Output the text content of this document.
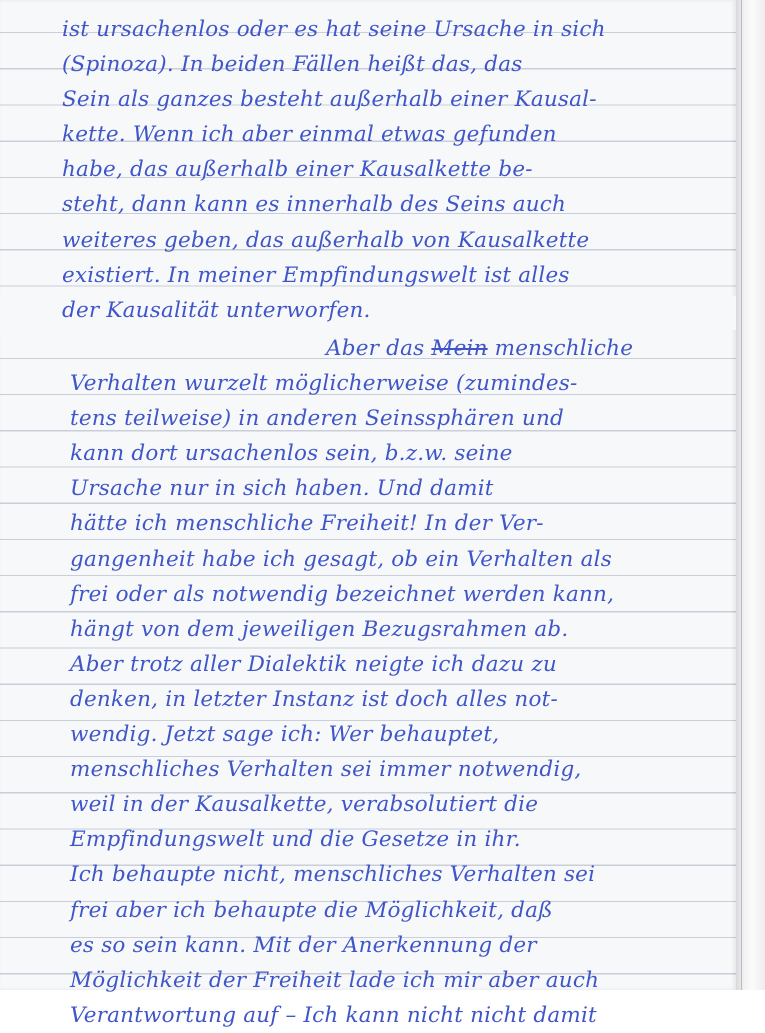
ist ursachenlos oder es hat seine Ursache in sich
(Spinoza). In beiden Fällen heißt das, das
Sein als ganzes besteht außerhalb einer Kausal-
kette. Wenn ich aber einmal etwas gefunden
habe, das außerhalb einer Kausalkette be-
steht, dann kann es innerhalb des Seins auch
weiteres geben, das außerhalb von Kausalkette
existiert. In meiner Empfindungswelt ist alles
der Kausalität unterworfen.
Aber das Mein menschliche
Verhalten wurzelt möglicherweise (zumindes-
tens teilweise) in anderen Seinssphären und
kann dort ursachenlos sein, b.z.w. seine
Ursache nur in sich haben. Und damit
hätte ich menschliche Freiheit! In der Ver-
gangenheit habe ich gesagt, ob ein Verhalten als
frei oder als notwendig bezeichnet werden kann,
hängt von dem jeweiligen Bezugsrahmen ab.
Aber trotz aller Dialektik neigte ich dazu zu
denken, in letzter Instanz ist doch alles not-
wendig. Jetzt sage ich: Wer behauptet,
menschliches Verhalten sei immer notwendig,
weil in der Kausalkette, verabsolutiert die
Empfindungswelt und die Gesetze in ihr.
Ich behaupte nicht, menschliches Verhalten sei
frei aber ich behaupte die Möglichkeit, daß
es so sein kann. Mit der Anerkennung der
Möglichkeit der Freiheit lade ich mir aber auch
Verantwortung auf – Ich kann nicht nicht damit
